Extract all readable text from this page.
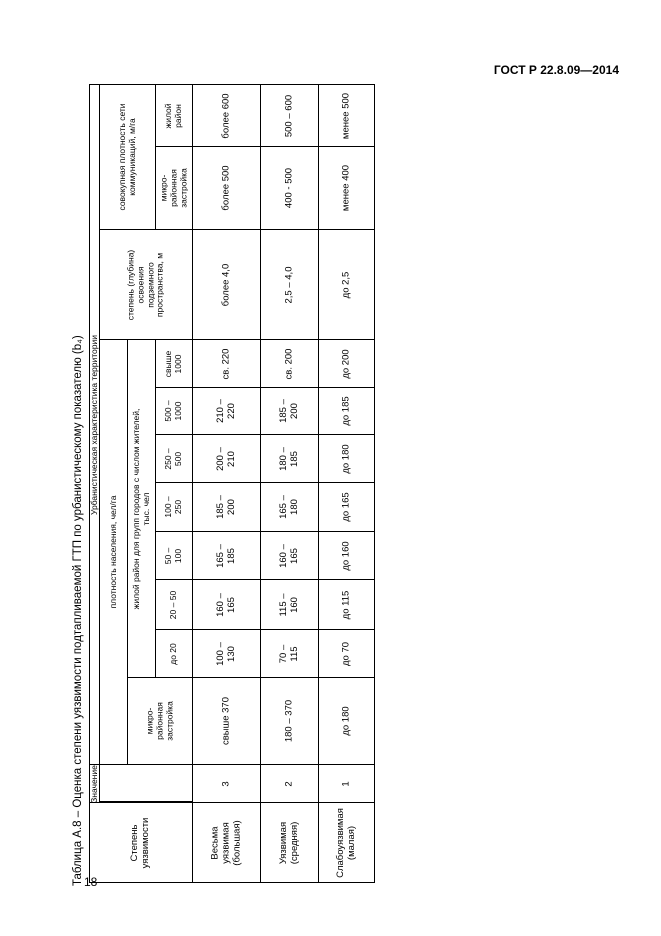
ГОСТ Р 22.8.09—2014
Таблица А.8 – Оценка степени уязвимости подтапливаемой ГТП по урбанистическому показателю (b₄)	Степень
уязвимости
Значение
Урбанистическая характеристика территории
плотность населения, чел/га
степень (глубина)
освоения
подземного
пространства, м
совокупная плотность сети
коммуникаций, м/га	жилой
район
микро-
районная
застройка
микро-
районная
застройка
жилой район для групп городов с числом жителей,
тыс. чел
до 20
20 – 50
50 –
100
100 –
250
250 –
500
500 –
1000
свыше
1000
Весьма
уязвимая
(большая)
3
свыше 370
100 –
130
160 –
165
165 –
185
185 –
200
200 –
210
210 –
220
св. 220
более 4,0
более 500
более 600
Уязвимая
(средняя)
2
180 – 370
70 –
115
115 –
160
160 –
165
165 –
180
180 –
185
185 –
200
св. 200
2,5 – 4,0
400 - 500
500 – 600
Слабоуязвимая
(малая)
1
до 180
до 70
до 115
до 160
до 165
до 180
до 185
до 200
до 2,5
менее 400
менее 500
18
